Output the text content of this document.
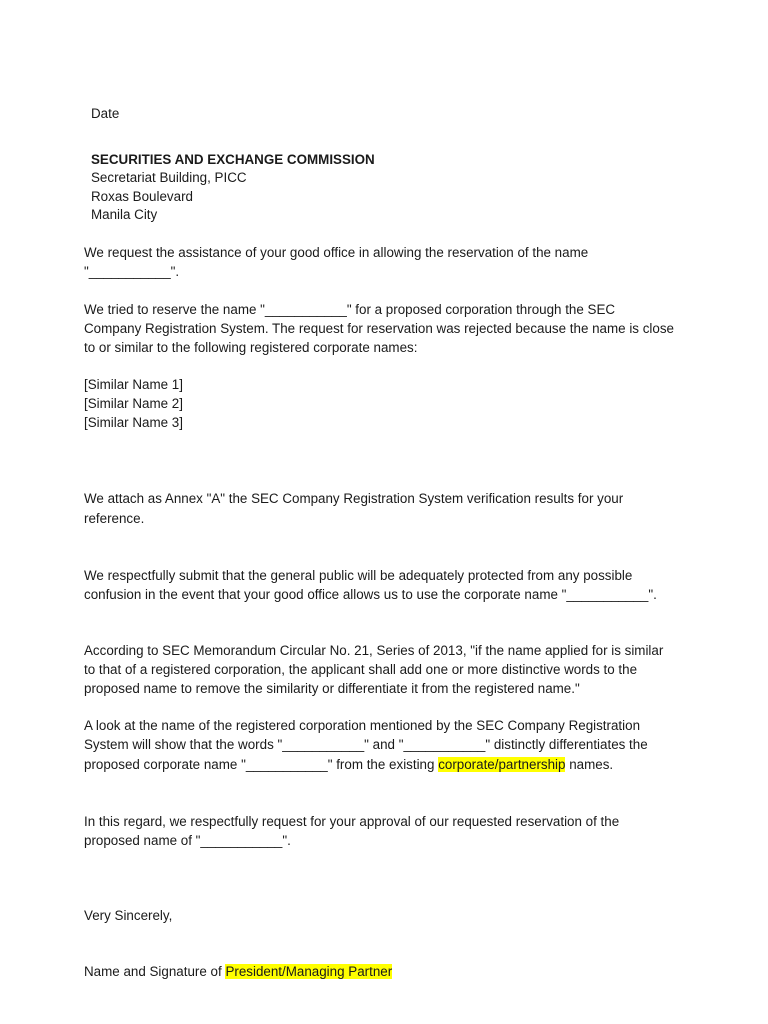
Date
SECURITIES AND EXCHANGE COMMISSION
Secretariat Building, PICC
Roxas Boulevard
Manila City
We request the assistance of your good office in allowing the reservation of the name
"___________".
We tried to reserve the name "___________" for a proposed corporation through the SEC
Company Registration System. The request for reservation was rejected because the name is close
to or similar to the following registered corporate names:
[Similar Name 1]
[Similar Name 2]
[Similar Name 3]
We attach as Annex "A" the SEC Company Registration System verification results for your
reference.
We respectfully submit that the general public will be adequately protected from any possible
confusion in the event that your good office allows us to use the corporate name "___________".
According to SEC Memorandum Circular No. 21, Series of 2013, "if the name applied for is similar
to that of a registered corporation, the applicant shall add one or more distinctive words to the
proposed name to remove the similarity or differentiate it from the registered name."
A look at the name of the registered corporation mentioned by the SEC Company Registration
System will show that the words "___________" and "___________" distinctly differentiates the
proposed corporate name "___________" from the existing corporate/partnership names.
In this regard, we respectfully request for your approval of our requested reservation of the
proposed name of "___________".
Very Sincerely,
Name and Signature of President/Managing Partner
